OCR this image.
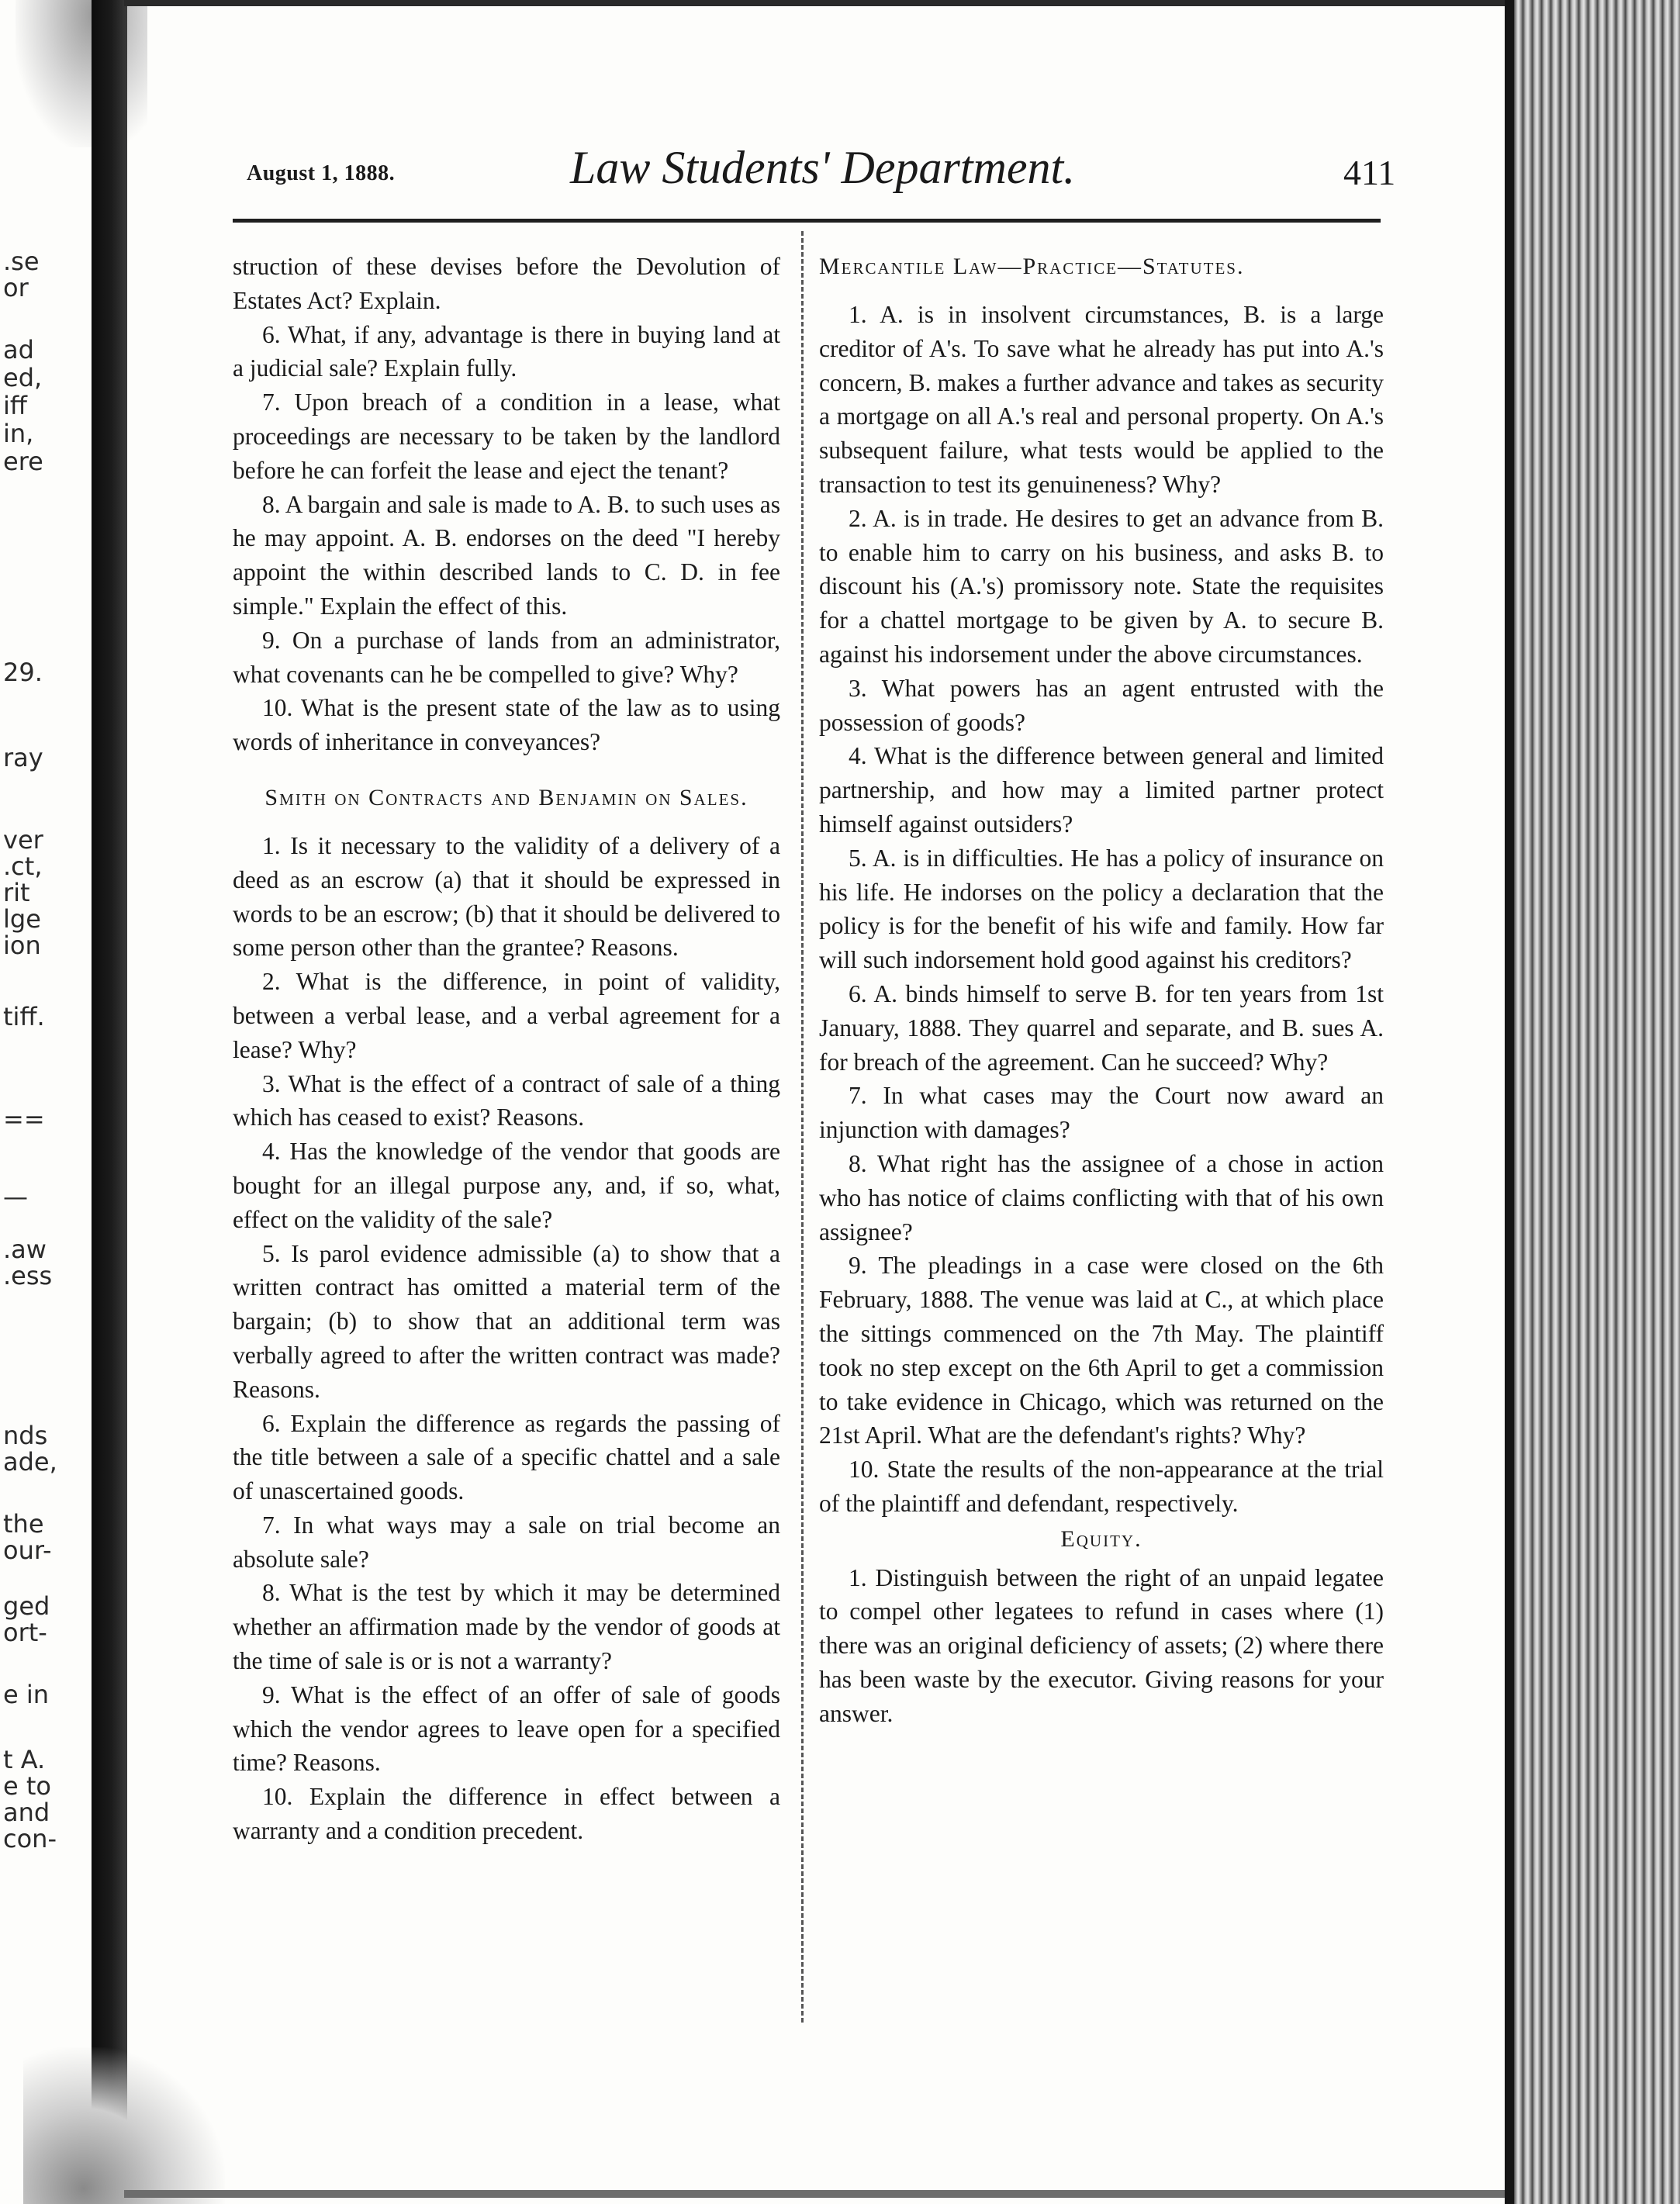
.se
or
ad
ed,
iff
in,
ere
29.
ray
ver
.ct,
rit
lge
ion
tiff.
==
—
.aw
.ess
nds
ade,
the
our-
ged
ort-
e in
t A.
e to
and
con-
August 1, 1888.	Law Students' Department.	411

struction of these devises before the Devolution of Estates Act? Explain.

6. What, if any, advantage is there in buying land at a judicial sale? Explain fully.

7. Upon breach of a condition in a lease, what proceedings are necessary to be taken by the landlord before he can forfeit the lease and eject the tenant?

8. A bargain and sale is made to A. B. to such uses as he may appoint. A. B. endorses on the deed "I hereby appoint the within described lands to C. D. in fee simple." Explain the effect of this.

9. On a purchase of lands from an administrator, what covenants can he be compelled to give? Why?

10. What is the present state of the law as to using words of inheritance in conveyances?

Smith on Contracts and Benjamin on Sales.

1. Is it necessary to the validity of a delivery of a deed as an escrow (a) that it should be expressed in words to be an escrow; (b) that it should be delivered to some person other than the grantee? Reasons.

2. What is the difference, in point of validity, between a verbal lease, and a verbal agreement for a lease? Why?

3. What is the effect of a contract of sale of a thing which has ceased to exist? Reasons.

4. Has the knowledge of the vendor that goods are bought for an illegal purpose any, and, if so, what, effect on the validity of the sale?

5. Is parol evidence admissible (a) to show that a written contract has omitted a material term of the bargain; (b) to show that an additional term was verbally agreed to after the written contract was made? Reasons.

6. Explain the difference as regards the passing of the title between a sale of a specific chattel and a sale of unascertained goods.

7. In what ways may a sale on trial become an absolute sale?

8. What is the test by which it may be determined whether an affirmation made by the vendor of goods at the time of sale is or is not a warranty?

9. What is the effect of an offer of sale of goods which the vendor agrees to leave open for a specified time? Reasons.

10. Explain the difference in effect between a warranty and a condition precedent.

Mercantile Law—Practice—Statutes.

1. A. is in insolvent circumstances, B. is a large creditor of A's. To save what he already has put into A.'s concern, B. makes a further advance and takes as security a mortgage on all A.'s real and personal property. On A.'s subsequent failure, what tests would be applied to the transaction to test its genuineness? Why?

2. A. is in trade. He desires to get an advance from B. to enable him to carry on his business, and asks B. to discount his (A.'s) promissory note. State the requisites for a chattel mortgage to be given by A. to secure B. against his indorsement under the above circumstances.

3. What powers has an agent entrusted with the possession of goods?

4. What is the difference between general and limited partnership, and how may a limited partner protect himself against outsiders?

5. A. is in difficulties. He has a policy of insurance on his life. He indorses on the policy a declaration that the policy is for the benefit of his wife and family. How far will such indorsement hold good against his creditors?

6. A. binds himself to serve B. for ten years from 1st January, 1888. They quarrel and separate, and B. sues A. for breach of the agreement. Can he succeed? Why?

7. In what cases may the Court now award an injunction with damages?

8. What right has the assignee of a chose in action who has notice of claims conflicting with that of his own assignee?

9. The pleadings in a case were closed on the 6th February, 1888. The venue was laid at C., at which place the sittings commenced on the 7th May. The plaintiff took no step except on the 6th April to get a commission to take evidence in Chicago, which was returned on the 21st April. What are the defendant's rights? Why?

10. State the results of the non-appearance at the trial of the plaintiff and defendant, respectively.

Equity.

1. Distinguish between the right of an unpaid legatee to compel other legatees to refund in cases where (1) there was an original deficiency of assets; (2) where there has been waste by the executor. Giving reasons for your answer.
